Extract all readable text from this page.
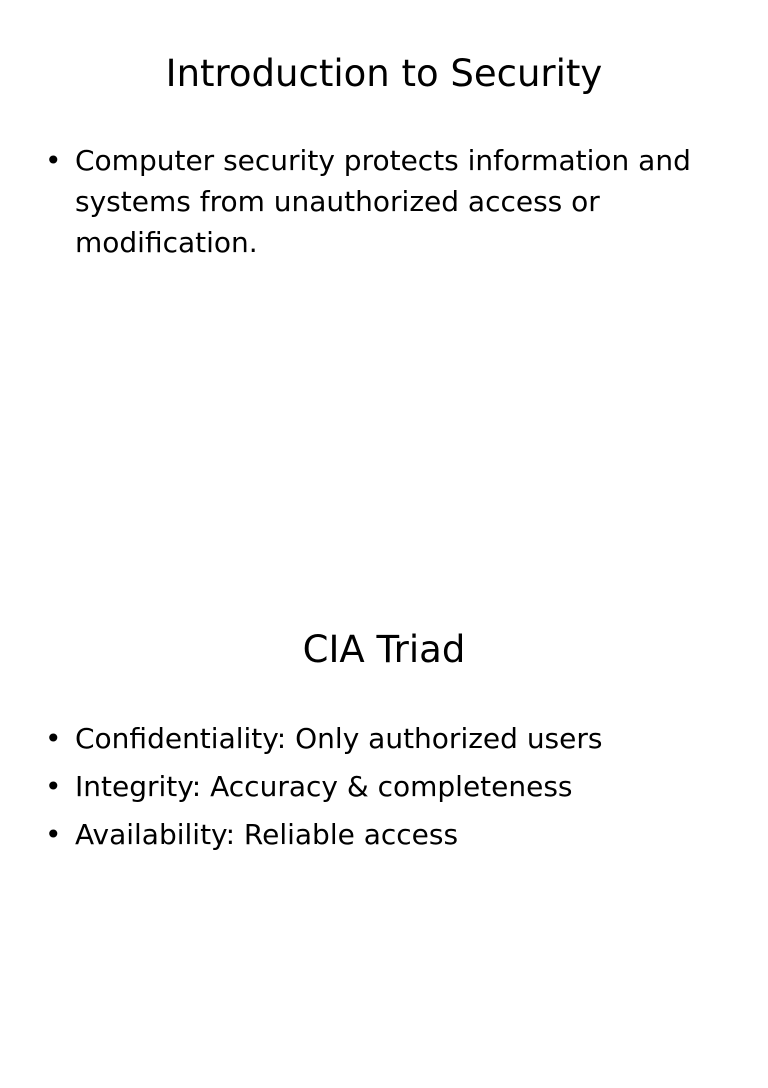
Introduction to Security
• Computer security protects information and systems from unauthorized access or modification.
CIA Triad
• Confidentiality: Only authorized users
• Integrity: Accuracy & completeness
• Availability: Reliable access
